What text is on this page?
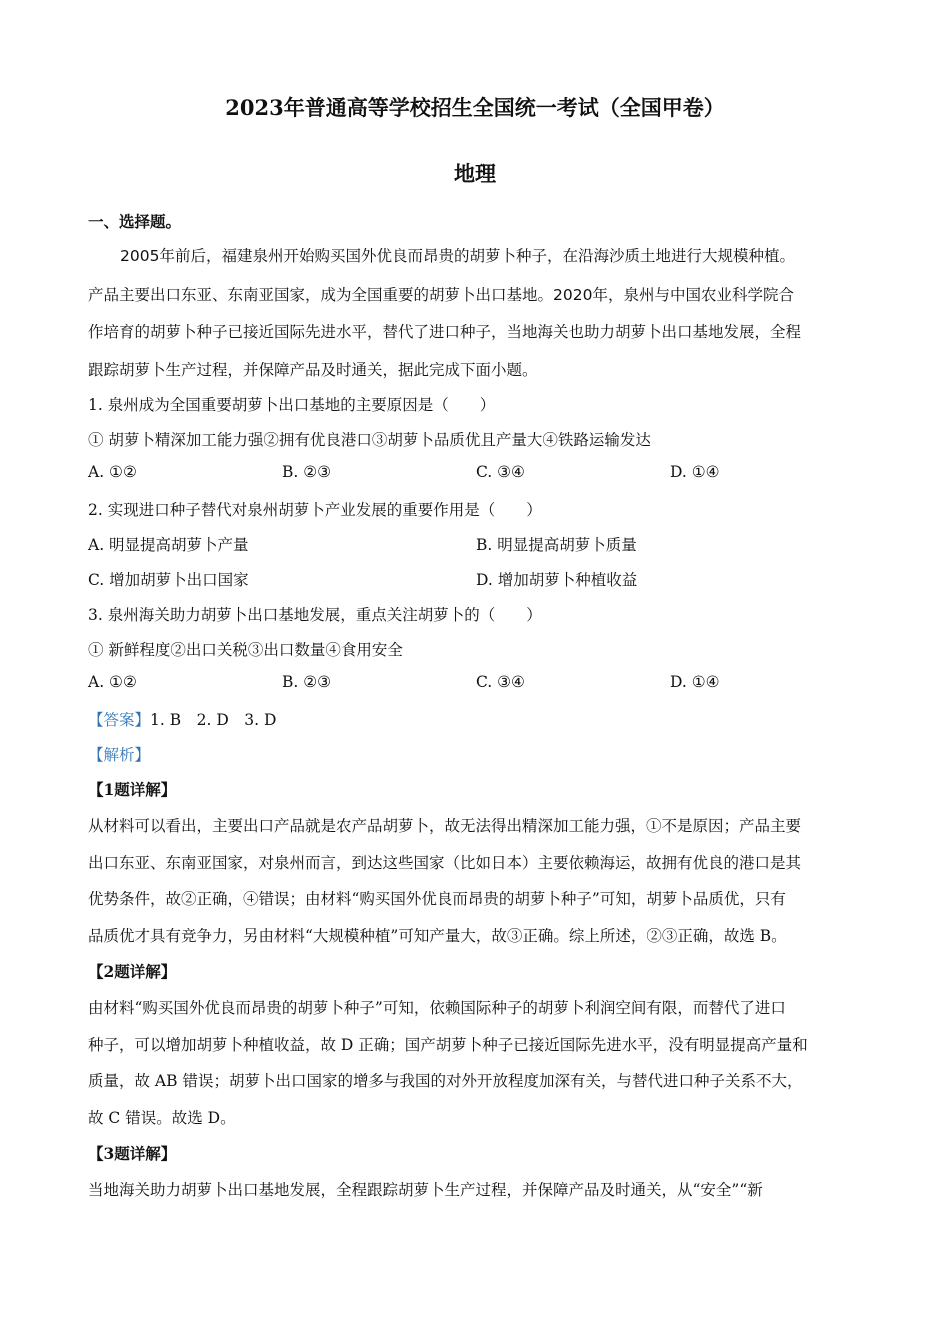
2023年普通高等学校招生全国统一考试（全国甲卷）
地理
一、选择题。
2005年前后，福建泉州开始购买国外优良而昂贵的胡萝卜种子，在沿海沙质土地进行大规模种植。
产品主要出口东亚、东南亚国家，成为全国重要的胡萝卜出口基地。2020年，泉州与中国农业科学院合
作培育的胡萝卜种子已接近国际先进水平，替代了进口种子，当地海关也助力胡萝卜出口基地发展，全程
跟踪胡萝卜生产过程，并保障产品及时通关，据此完成下面小题。
1. 泉州成为全国重要胡萝卜出口基地的主要原因是（　　）
① 胡萝卜精深加工能力强②拥有优良港口③胡萝卜品质优且产量大④铁路运输发达
A. ①②	B. ②③	C. ③④	D. ①④
2. 实现进口种子替代对泉州胡萝卜产业发展的重要作用是（　　）
A. 明显提高胡萝卜产量	B. 明显提高胡萝卜质量
C. 增加胡萝卜出口国家	D. 增加胡萝卜种植收益
3. 泉州海关助力胡萝卜出口基地发展，重点关注胡萝卜的（　　）
① 新鲜程度②出口关税③出口数量④食用安全
A. ①②	B. ②③	C. ③④	D. ①④
【答案】1. B　2. D　3. D
【解析】
【1题详解】
从材料可以看出，主要出口产品就是农产品胡萝卜，故无法得出精深加工能力强，①不是原因；产品主要
出口东亚、东南亚国家，对泉州而言，到达这些国家（比如日本）主要依赖海运，故拥有优良的港口是其
优势条件，故②正确，④错误；由材料“购买国外优良而昂贵的胡萝卜种子”可知，胡萝卜品质优，只有
品质优才具有竞争力，另由材料“大规模种植”可知产量大，故③正确。综上所述，②③正确，故选 B。
【2题详解】
由材料“购买国外优良而昂贵的胡萝卜种子”可知，依赖国际种子的胡萝卜利润空间有限，而替代了进口
种子，可以增加胡萝卜种植收益，故 D 正确；国产胡萝卜种子已接近国际先进水平，没有明显提高产量和
质量，故 AB 错误；胡萝卜出口国家的增多与我国的对外开放程度加深有关，与替代进口种子关系不大，
故 C 错误。故选 D。
【3题详解】
当地海关助力胡萝卜出口基地发展，全程跟踪胡萝卜生产过程，并保障产品及时通关，从“安全”“新
